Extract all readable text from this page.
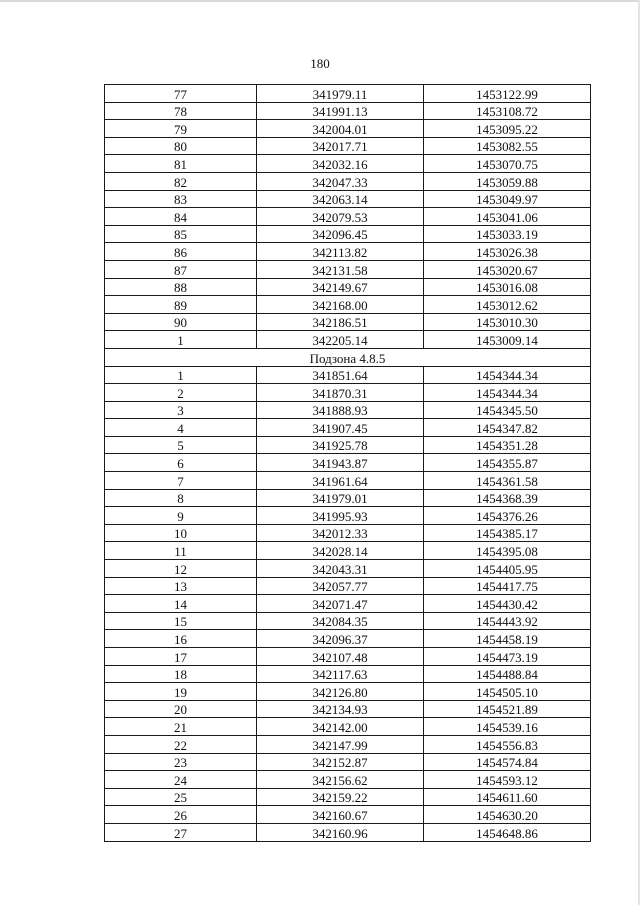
180
77	341979.11	1453122.99
78	341991.13	1453108.72
79	342004.01	1453095.22
80	342017.71	1453082.55
81	342032.16	1453070.75
82	342047.33	1453059.88
83	342063.14	1453049.97
84	342079.53	1453041.06
85	342096.45	1453033.19
86	342113.82	1453026.38
87	342131.58	1453020.67
88	342149.67	1453016.08
89	342168.00	1453012.62
90	342186.51	1453010.30
1	342205.14	1453009.14
Подзона 4.8.5		
1	341851.64	1454344.34
2	341870.31	1454344.34
3	341888.93	1454345.50
4	341907.45	1454347.82
5	341925.78	1454351.28
6	341943.87	1454355.87
7	341961.64	1454361.58
8	341979.01	1454368.39
9	341995.93	1454376.26
10	342012.33	1454385.17
11	342028.14	1454395.08
12	342043.31	1454405.95
13	342057.77	1454417.75
14	342071.47	1454430.42
15	342084.35	1454443.92
16	342096.37	1454458.19
17	342107.48	1454473.19
18	342117.63	1454488.84
19	342126.80	1454505.10
20	342134.93	1454521.89
21	342142.00	1454539.16
22	342147.99	1454556.83
23	342152.87	1454574.84
24	342156.62	1454593.12
25	342159.22	1454611.60
26	342160.67	1454630.20
27	342160.96	1454648.86
